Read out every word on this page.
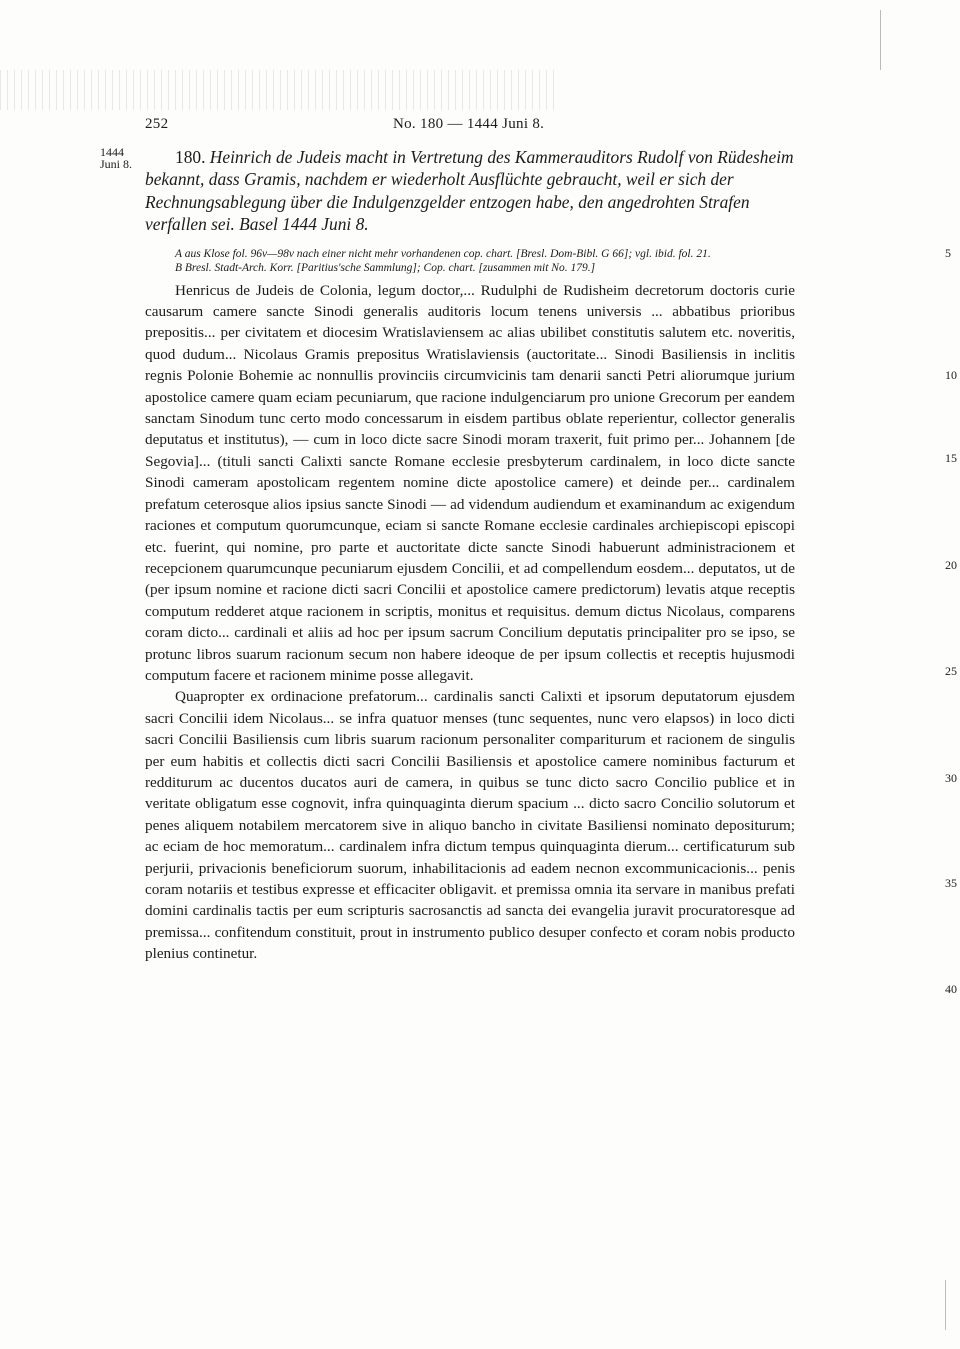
252	No. 180 — 1444 Juni 8.
1444
Juni 8.	180. Heinrich de Judeis macht in Vertretung des Kammerauditors Rudolf von Rüdesheim bekannt, dass Gramis, nachdem er wiederholt Ausflüchte gebraucht, weil er sich der Rechnungsablegung über die Indulgenzgelder entzogen habe, den angedrohten Strafen verfallen sei. Basel 1444 Juni 8.

A aus Klose fol. 96v—98v nach einer nicht mehr vorhandenen cop. chart. [Bresl. Dom-Bibl. G 66]; vgl. ibid. fol. 21.

B Bresl. Stadt-Arch. Korr. [Paritius'sche Sammlung]; Cop. chart. [zusammen mit No. 179.]

Henricus de Judeis de Colonia, legum doctor,... Rudulphi de Rudisheim decretorum doctoris curie causarum camere sancte Sinodi generalis auditoris locum tenens universis ... abbatibus prioribus prepositis... per civitatem et diocesim Wratislaviensem ac alias ubilibet constitutis salutem etc. noveritis, quod dudum... Nicolaus Gramis prepositus Wratislaviensis (auctoritate... Sinodi Basiliensis in inclitis regnis Polonie Bohemie ac nonnullis provinciis circumvicinis tam denarii sancti Petri aliorumque jurium apostolice camere quam eciam pecuniarum, que racione indulgenciarum pro unione Grecorum per eandem sanctam Sinodum tunc certo modo concessarum in eisdem partibus oblate reperientur, collector generalis deputatus et institutus), — cum in loco dicte sacre Sinodi moram traxerit, fuit primo per... Johannem [de Segovia]... (tituli sancti Calixti sancte Romane ecclesie presbyterum cardinalem, in loco dicte sancte Sinodi cameram apostolicam regentem nomine dicte apostolice camere) et deinde per... cardinalem prefatum ceterosque alios ipsius sancte Sinodi — ad videndum audiendum et examinandum ac exigendum raciones et computum quorumcunque, eciam si sancte Romane ecclesie cardinales archiepiscopi episcopi etc. fuerint, qui nomine, pro parte et auctoritate dicte sancte Sinodi habuerunt administracionem et recepcionem quarumcunque pecuniarum ejusdem Concilii, et ad compellendum eosdem... deputatos, ut de (per ipsum nomine et racione dicti sacri Concilii et apostolice camere predictorum) levatis atque receptis computum redderet atque racionem in scriptis, monitus et requisitus. demum dictus Nicolaus, comparens coram dicto... cardinali et aliis ad hoc per ipsum sacrum Concilium deputatis principaliter pro se ipso, se protunc libros suarum racionum secum non habere ideoque de per ipsum collectis et receptis hujusmodi computum facere et racionem minime posse allegavit.

Quapropter ex ordinacione prefatorum... cardinalis sancti Calixti et ipsorum deputatorum ejusdem sacri Concilii idem Nicolaus... se infra quatuor menses (tunc sequentes, nunc vero elapsos) in loco dicti sacri Concilii Basiliensis cum libris suarum racionum personaliter compariturum et racionem de singulis per eum habitis et collectis dicti sacri Concilii Basiliensis et apostolice camere nominibus facturum et redditurum ac ducentos ducatos auri de camera, in quibus se tunc dicto sacro Concilio publice et in veritate obligatum esse cognovit, infra quinquaginta dierum spacium ... dicto sacro Concilio solutorum et penes aliquem notabilem mercatorem sive in aliquo bancho in civitate Basiliensi nominato depositurum; ac eciam de hoc memoratum... cardinalem infra dictum tempus quinquaginta dierum... certificaturum sub perjurii, privacionis beneficiorum suorum, inhabilitacionis ad eadem necnon excommunicacionis... penis coram notariis et testibus expresse et efficaciter obligavit. et premissa omnia ita servare in manibus prefati domini cardinalis tactis per eum scripturis sacrosanctis ad sancta dei evangelia juravit procuratoresque ad premissa... confitendum constituit, prout in instrumento publico desuper confecto et coram nobis producto plenius continetur.

5
10
15
20
25
30
35
40
